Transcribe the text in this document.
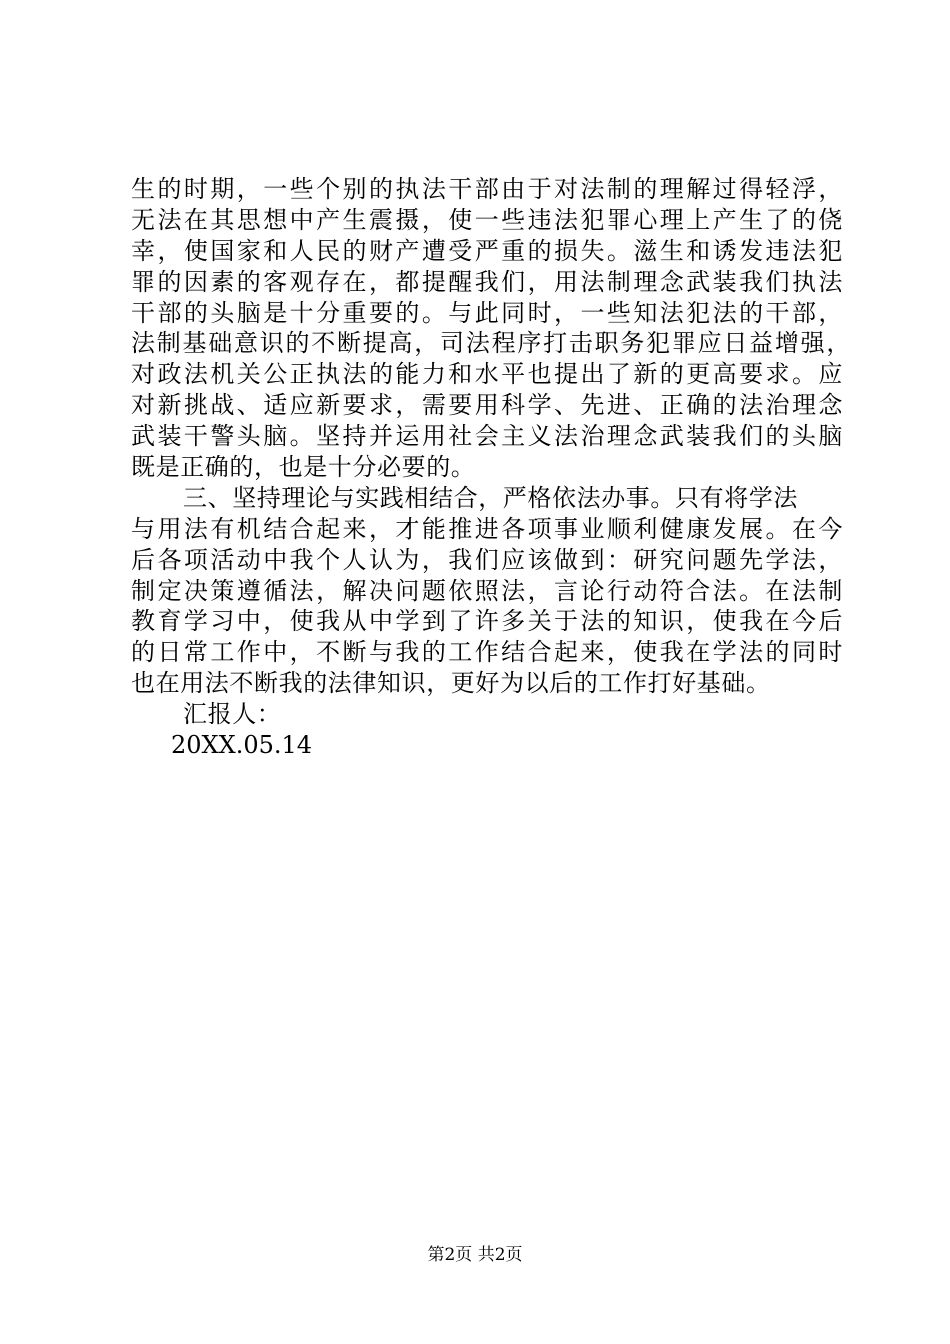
生的时期，一些个别的执法干部由于对法制的理解过得轻浮，
无法在其思想中产生震摄，使一些违法犯罪心理上产生了的侥
幸，使国家和人民的财产遭受严重的损失。滋生和诱发违法犯
罪的因素的客观存在，都提醒我们，用法制理念武装我们执法
干部的头脑是十分重要的。与此同时，一些知法犯法的干部，
法制基础意识的不断提高，司法程序打击职务犯罪应日益增强，
对政法机关公正执法的能力和水平也提出了新的更高要求。应
对新挑战、适应新要求，需要用科学、先进、正确的法治理念
武装干警头脑。坚持并运用社会主义法治理念武装我们的头脑
既是正确的，也是十分必要的。
三、坚持理论与实践相结合，严格依法办事。只有将学法
与用法有机结合起来，才能推进各项事业顺利健康发展。在今
后各项活动中我个人认为，我们应该做到：研究问题先学法，
制定决策遵循法，解决问题依照法，言论行动符合法。在法制
教育学习中，使我从中学到了许多关于法的知识，使我在今后
的日常工作中，不断与我的工作结合起来，使我在学法的同时
也在用法不断我的法律知识，更好为以后的工作打好基础。
汇报人：
20XX.05.14
第2页 共2页
